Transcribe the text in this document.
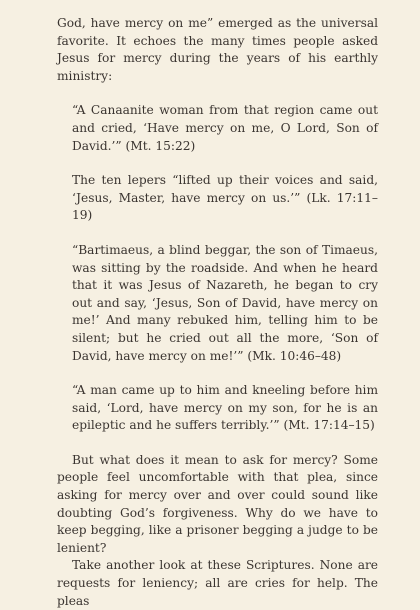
God, have mercy on me” emerged as the universal favorite. It echoes the many times people asked Jesus for mercy during the years of his earthly ministry:

“A Canaanite woman from that region came out and cried, ‘Have mercy on me, O Lord, Son of David.’” (Mt. 15:22)

The ten lepers “lifted up their voices and said, ‘Jesus, Master, have mercy on us.’” (Lk. 17:11–19)

“Bartimaeus, a blind beggar, the son of Timaeus, was sitting by the roadside. And when he heard that it was Jesus of Nazareth, he began to cry out and say, ‘Jesus, Son of David, have mercy on me!’ And many rebuked him, telling him to be silent; but he cried out all the more, ‘Son of David, have mercy on me!’” (Mk. 10:46–48)

“A man came up to him and kneeling before him said, ‘Lord, have mercy on my son, for he is an epileptic and he suffers terribly.’” (Mt. 17:14–15)

But what does it mean to ask for mercy? Some people feel uncomfortable with that plea, since asking for mercy over and over could sound like doubting God’s forgiveness. Why do we have to keep begging, like a prisoner begging a judge to be lenient?

Take another look at these Scriptures. None are requests for leniency; all are cries for help. The pleas
